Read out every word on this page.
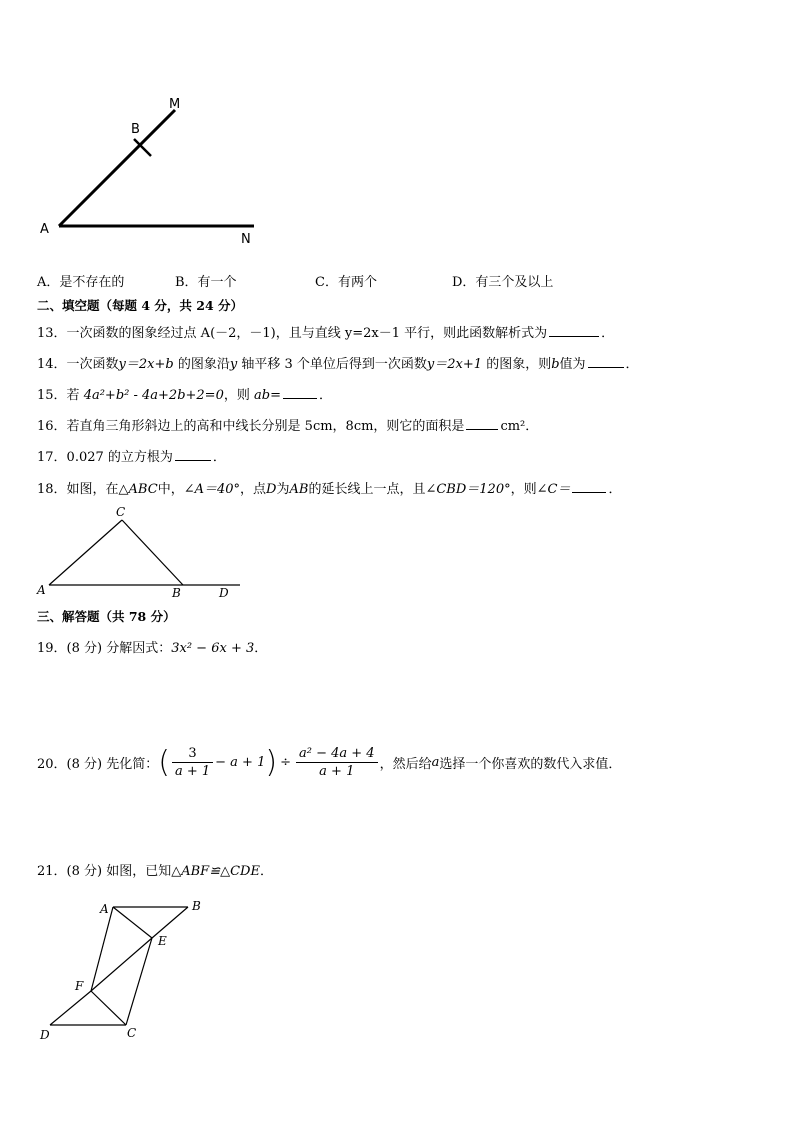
A
B
M
N
A．是不存在的	B．有一个	C．有两个	D．有三个及以上
二、填空题（每题 4 分，共 24 分）
13．一次函数的图象经过点 A(－2，－1)，且与直线 y=2x－1 平行，则此函数解析式为	．
14．一次函数y＝2x+b 的图象沿y 轴平移 3 个单位后得到一次函数y＝2x+1 的图象，则b值为	．
15．若 4a²+b² - 4a+2b+2=0，则 ab=	．
16．若直角三角形斜边上的高和中线长分别是 5cm，8cm，则它的面积是	cm²．
17．0.027 的立方根为	．
18．如图，在△ABC中，∠A＝40°，点D为AB的延长线上一点，且∠CBD＝120°，则∠C＝	．
A
C
B	D
三、解答题（共 78 分）
19．(8 分) 分解因式：3x² − 6x + 3．
20．(8 分) 先化简： ( $\frac{3}{a + 1} - a + 1$ ) ÷ $\frac{\text{a² − 4a + 4}}{a + 1}$ ，然后给 a 选择一个你喜欢的数代入求值．
21．(8 分) 如图，已知△ABF≌△CDE．
A	B
E
F
D	C
